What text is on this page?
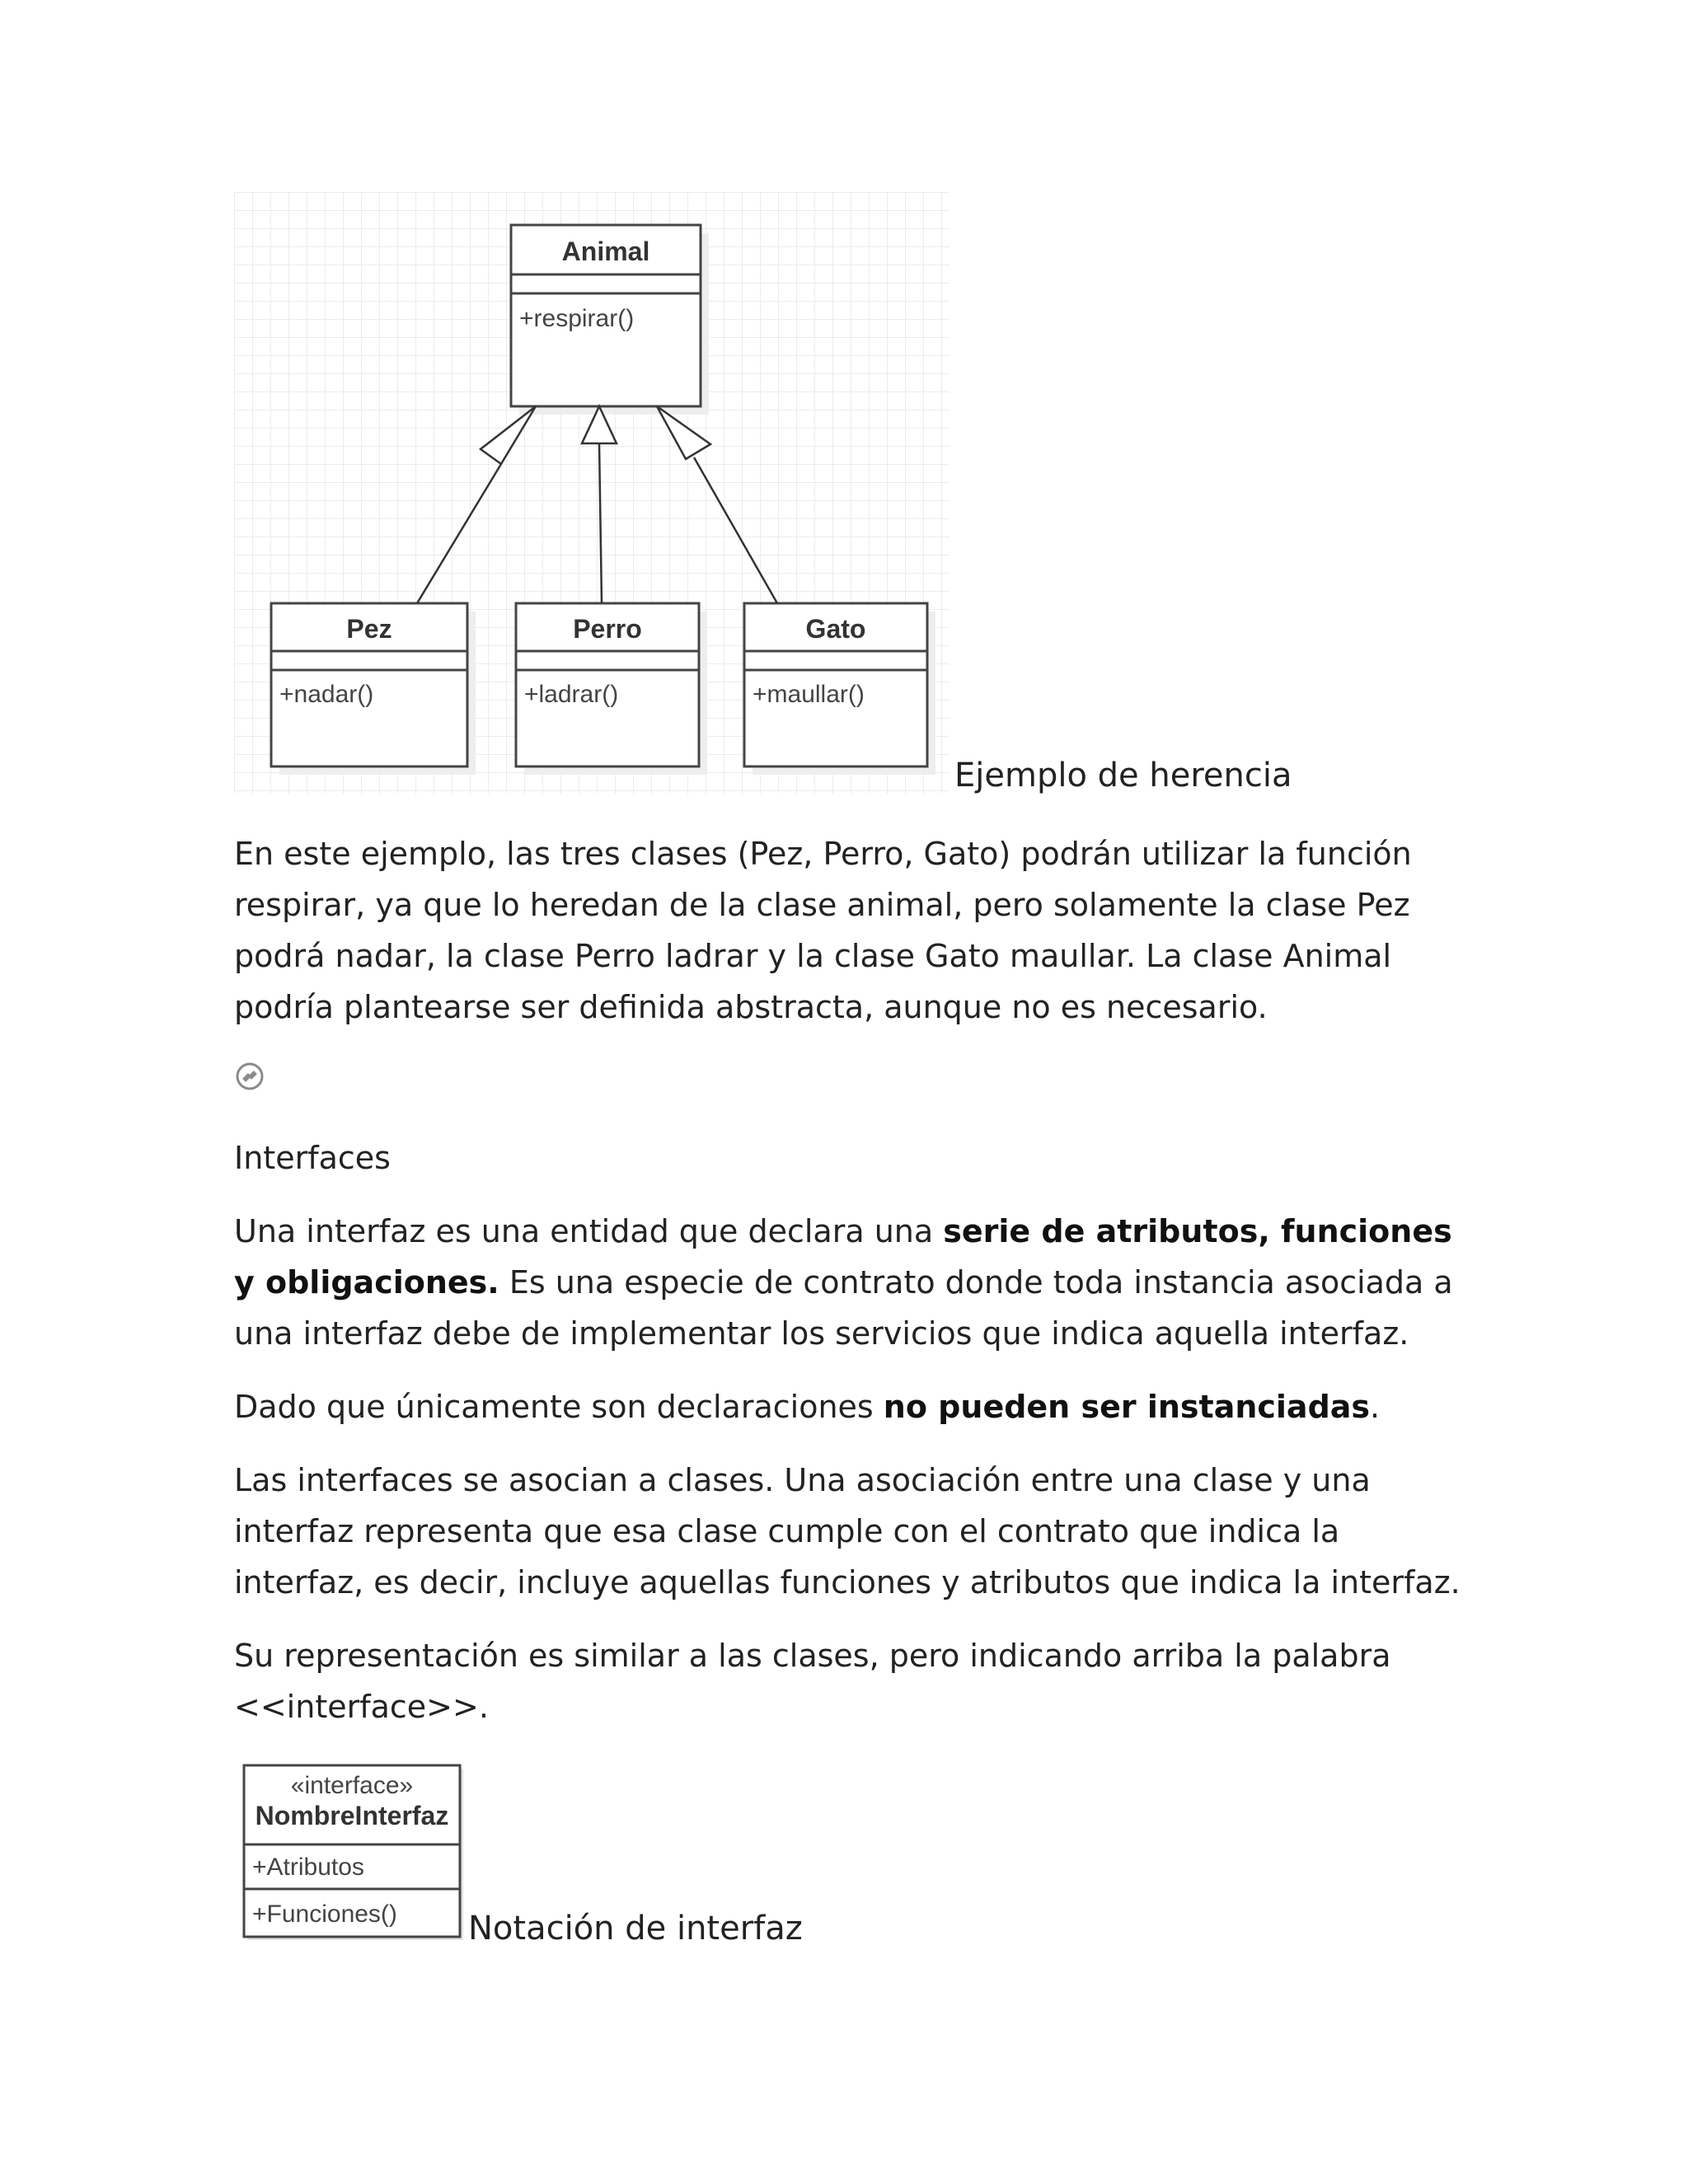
Animal
+respirar()
Pez
+nadar()
Perro
+ladrar()
Gato
+maullar()
Ejemplo de herencia

En este ejemplo, las tres clases (Pez, Perro, Gato) podrán utilizar la función respirar, ya que lo heredan de la clase animal, pero solamente la clase Pez podrá nadar, la clase Perro ladrar y la clase Gato maullar. La clase Animal podría plantearse ser definida abstracta, aunque no es necesario.

Interfaces

Una interfaz es una entidad que declara una serie de atributos, funciones y obligaciones. Es una especie de contrato donde toda instancia asociada a una interfaz debe de implementar los servicios que indica aquella interfaz.

Dado que únicamente son declaraciones no pueden ser instanciadas.

Las interfaces se asocian a clases. Una asociación entre una clase y una interfaz representa que esa clase cumple con el contrato que indica la interfaz, es decir, incluye aquellas funciones y atributos que indica la interfaz.

Su representación es similar a las clases, pero indicando arriba la palabra <<interface>>.

«interface»
NombreInterfaz
+Atributos
+Funciones() Notación de interfaz
